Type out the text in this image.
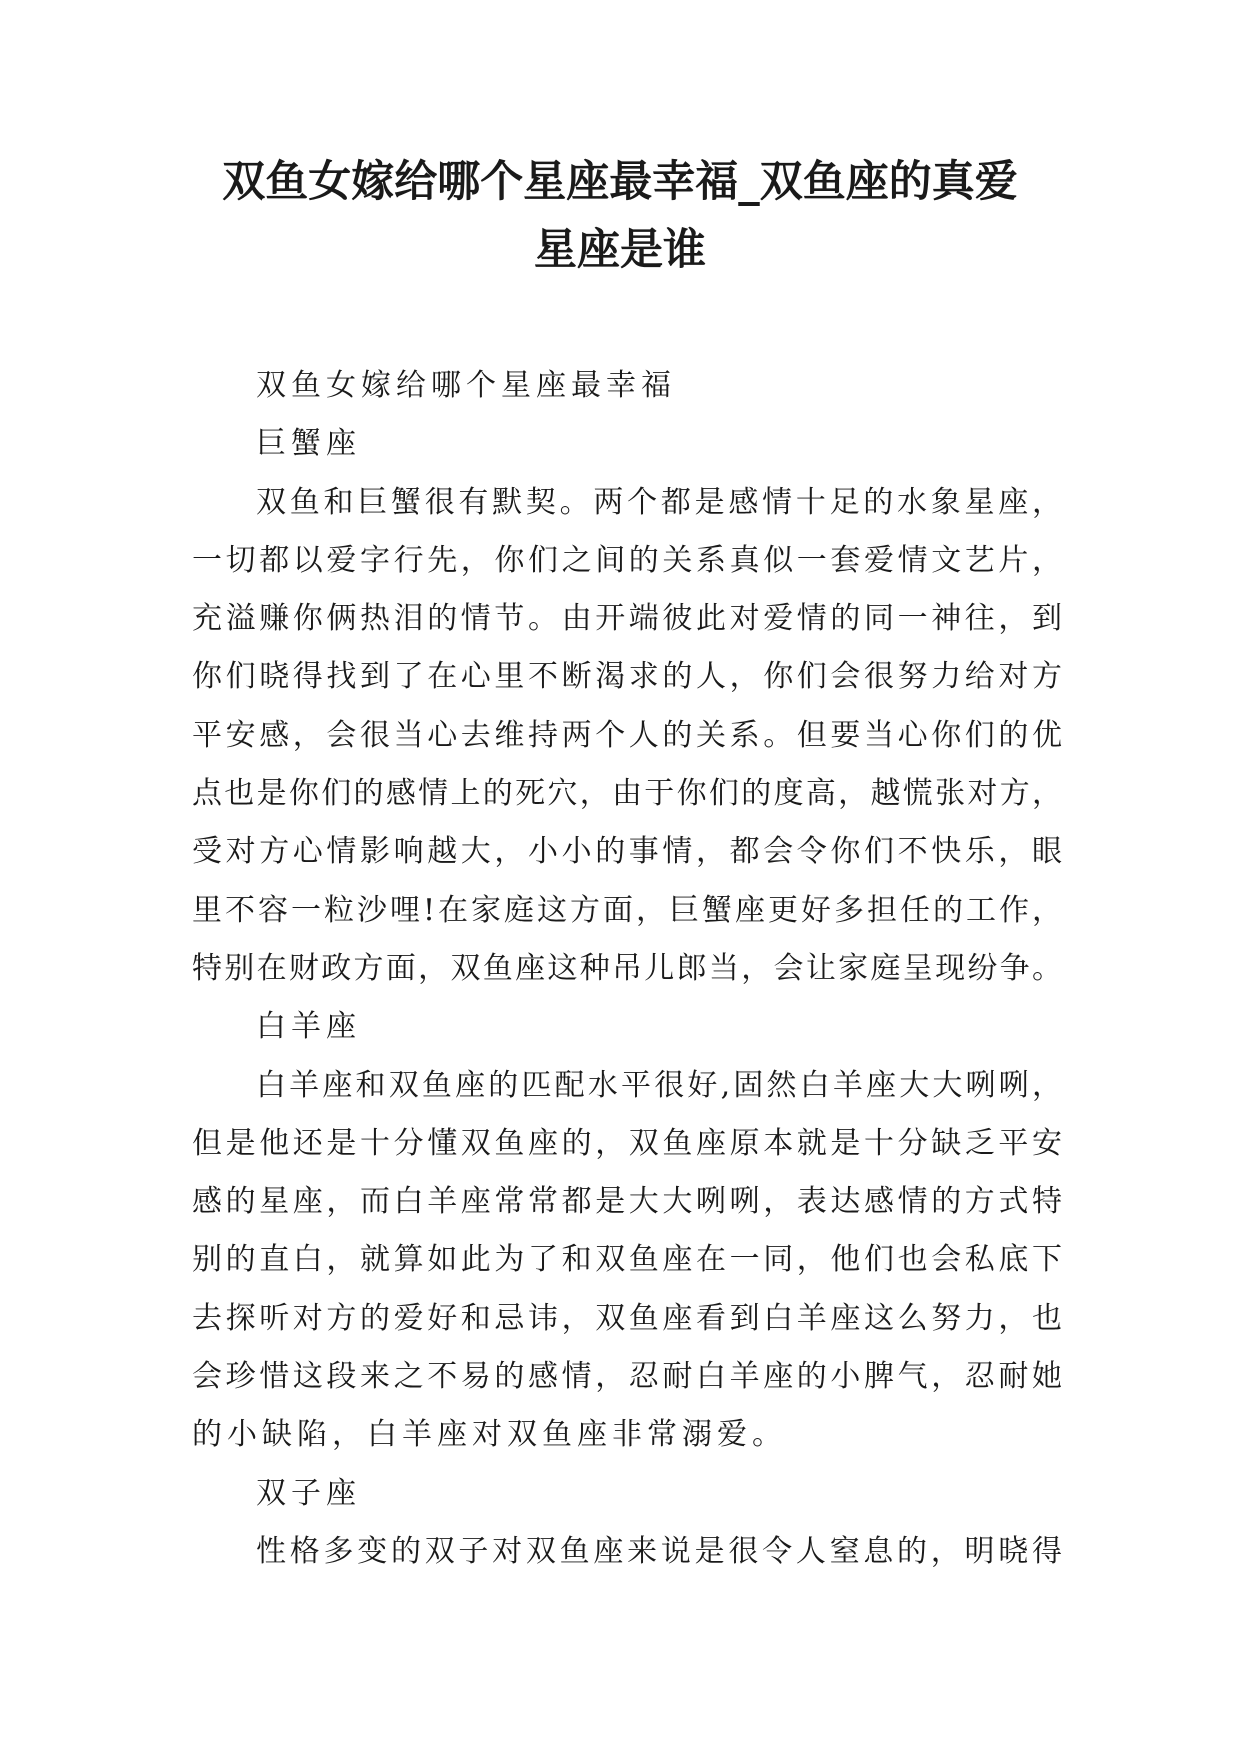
双鱼女嫁给哪个星座最幸福_双鱼座的真爱
星座是谁
双鱼女嫁给哪个星座最幸福
巨蟹座
双鱼和巨蟹很有默契。两个都是感情十足的水象星座，
一切都以爱字行先，你们之间的关系真似一套爱情文艺片，
充溢赚你俩热泪的情节。由开端彼此对爱情的同一神往，到
你们晓得找到了在心里不断渴求的人，你们会很努力给对方
平安感，会很当心去维持两个人的关系。但要当心你们的优
点也是你们的感情上的死穴，由于你们的度高，越慌张对方，
受对方心情影响越大，小小的事情，都会令你们不快乐，眼
里不容一粒沙哩!在家庭这方面，巨蟹座更好多担任的工作，
特别在财政方面，双鱼座这种吊儿郎当，会让家庭呈现纷争。
白羊座
白羊座和双鱼座的匹配水平很好,固然白羊座大大咧咧，
但是他还是十分懂双鱼座的，双鱼座原本就是十分缺乏平安
感的星座，而白羊座常常都是大大咧咧，表达感情的方式特
别的直白，就算如此为了和双鱼座在一同，他们也会私底下
去探听对方的爱好和忌讳，双鱼座看到白羊座这么努力，也
会珍惜这段来之不易的感情，忍耐白羊座的小脾气，忍耐她
的小缺陷，白羊座对双鱼座非常溺爱。
双子座
性格多变的双子对双鱼座来说是很令人窒息的，明晓得
